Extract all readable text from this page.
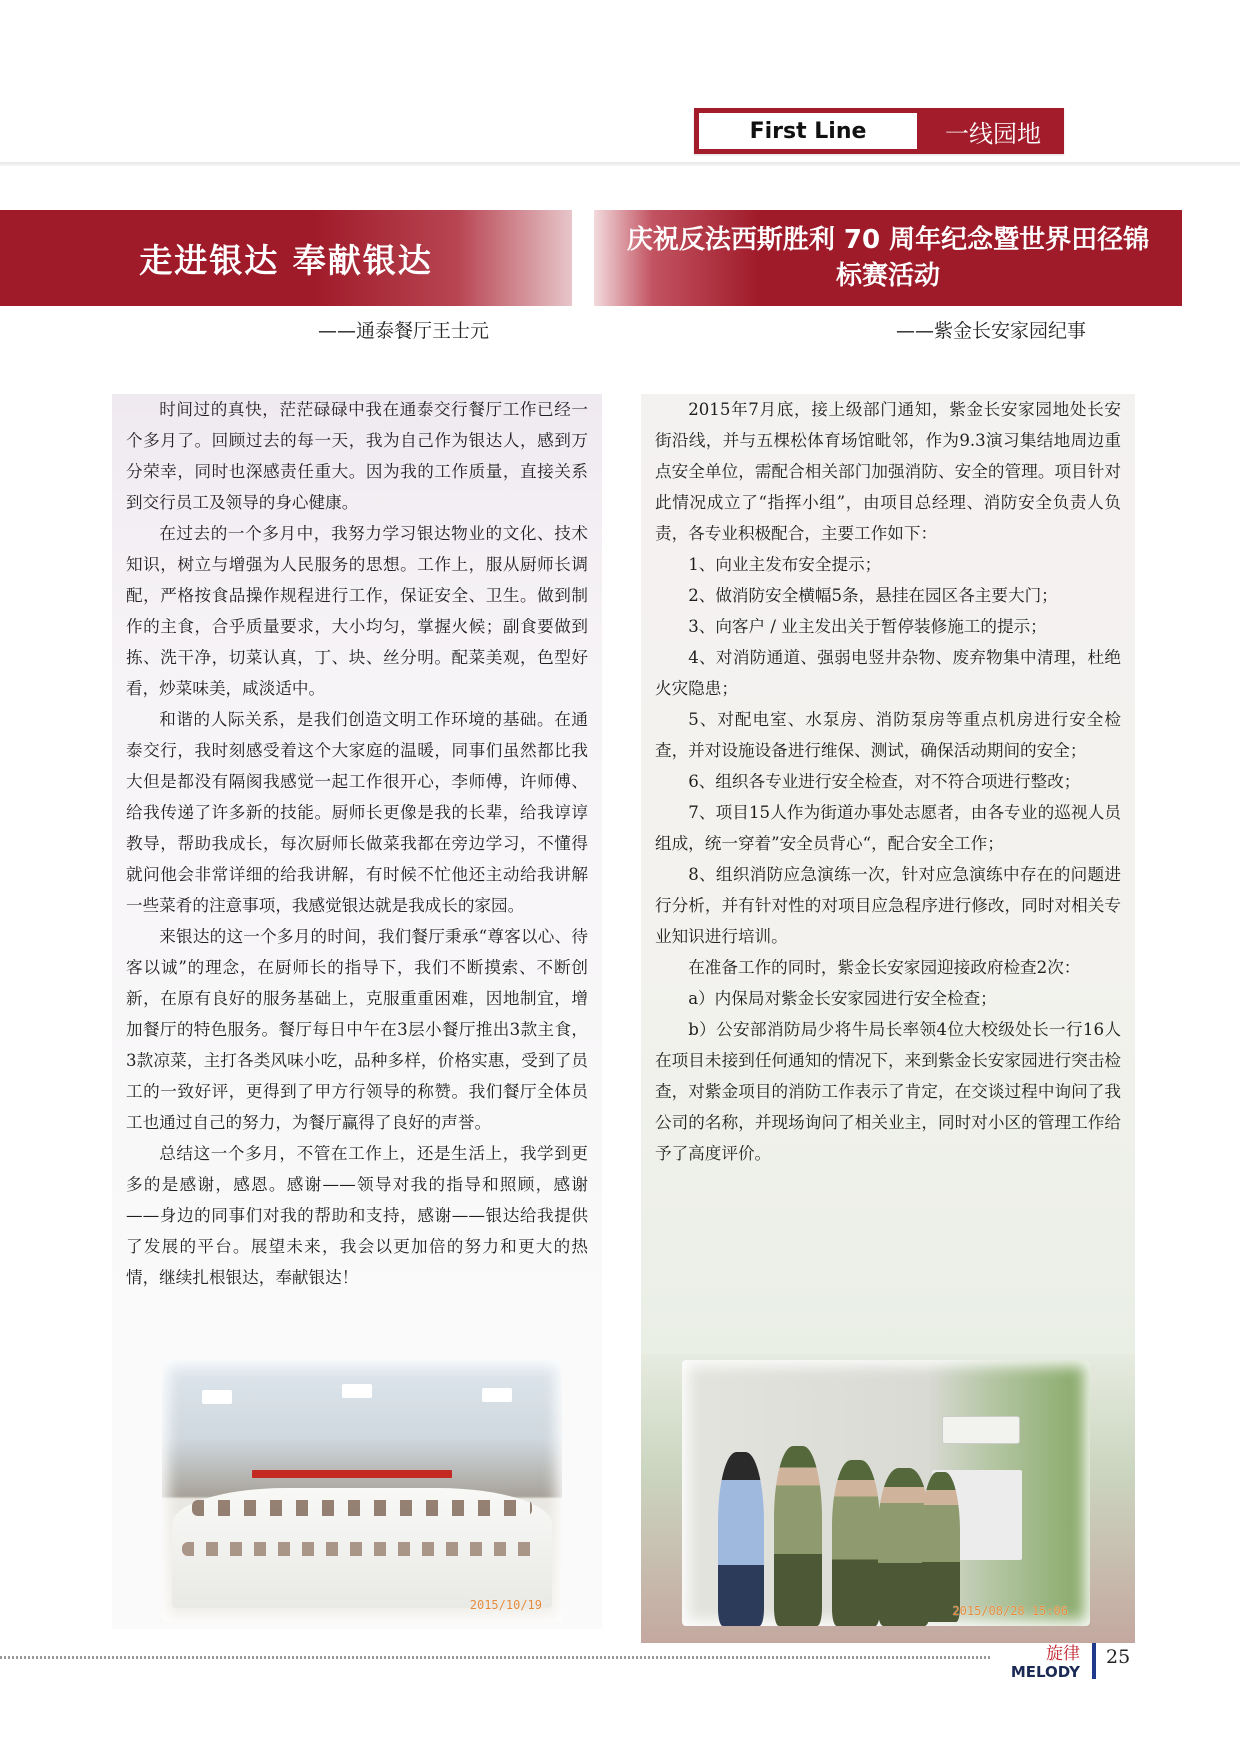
First Line	一线园地
走进银达 奉献银达
庆祝反法西斯胜利 70 周年纪念暨世界田径锦标赛活动
——通泰餐厅王士元	——紫金长安家园纪事

时间过的真快，茫茫碌碌中我在通泰交行餐厅工作已经一个多月了。回顾过去的每一天，我为自己作为银达人，感到万分荣幸，同时也深感责任重大。因为我的工作质量，直接关系到交行员工及领导的身心健康。

在过去的一个多月中，我努力学习银达物业的文化、技术知识，树立与增强为人民服务的思想。工作上，服从厨师长调配，严格按食品操作规程进行工作，保证安全、卫生。做到制作的主食，合乎质量要求，大小均匀，掌握火候；副食要做到拣、洗干净，切菜认真，丁、块、丝分明。配菜美观，色型好看，炒菜味美，咸淡适中。

和谐的人际关系，是我们创造文明工作环境的基础。在通泰交行，我时刻感受着这个大家庭的温暖，同事们虽然都比我大但是都没有隔阂我感觉一起工作很开心，李师傅，许师傅、给我传递了许多新的技能。厨师长更像是我的长辈，给我谆谆教导，帮助我成长，每次厨师长做菜我都在旁边学习，不懂得就问他会非常详细的给我讲解，有时候不忙他还主动给我讲解一些菜肴的注意事项，我感觉银达就是我成长的家园。

来银达的这一个多月的时间，我们餐厅秉承“尊客以心、待客以诚”的理念，在厨师长的指导下，我们不断摸索、不断创新，在原有良好的服务基础上，克服重重困难，因地制宜，增加餐厅的特色服务。餐厅每日中午在3层小餐厅推出3款主食，3款凉菜，主打各类风味小吃，品种多样，价格实惠，受到了员工的一致好评，更得到了甲方行领导的称赞。我们餐厅全体员工也通过自己的努力，为餐厅赢得了良好的声誉。

总结这一个多月，不管在工作上，还是生活上，我学到更多的是感谢，感恩。感谢——领导对我的指导和照顾，感谢——身边的同事们对我的帮助和支持，感谢——银达给我提供了发展的平台。展望未来，我会以更加倍的努力和更大的热情，继续扎根银达，奉献银达！

2015年7月底，接上级部门通知，紫金长安家园地处长安街沿线，并与五棵松体育场馆毗邻，作为9.3演习集结地周边重点安全单位，需配合相关部门加强消防、安全的管理。项目针对此情况成立了“指挥小组”，由项目总经理、消防安全负责人负责，各专业积极配合，主要工作如下：

1、向业主发布安全提示；

2、做消防安全横幅5条，悬挂在园区各主要大门；

3、向客户 / 业主发出关于暂停装修施工的提示；

4、对消防通道、强弱电竖井杂物、废弃物集中清理，杜绝火灾隐患；

5、对配电室、水泵房、消防泵房等重点机房进行安全检查，并对设施设备进行维保、测试，确保活动期间的安全；

6、组织各专业进行安全检查，对不符合项进行整改；

7、项目15人作为街道办事处志愿者，由各专业的巡视人员组成，统一穿着”安全员背心“，配合安全工作；

8、组织消防应急演练一次，针对应急演练中存在的问题进行分析，并有针对性的对项目应急程序进行修改，同时对相关专业知识进行培训。

在准备工作的同时，紫金长安家园迎接政府检查2次：

a）内保局对紫金长安家园进行安全检查；

b）公安部消防局少将牛局长率领4位大校级处长一行16人在项目未接到任何通知的情况下，来到紫金长安家园进行突击检查，对紫金项目的消防工作表示了肯定，在交谈过程中询问了我公司的名称，并现场询问了相关业主，同时对小区的管理工作给予了高度评价。

2015/10/19	2015/08/28 15:06
旋律
MELODY
25
